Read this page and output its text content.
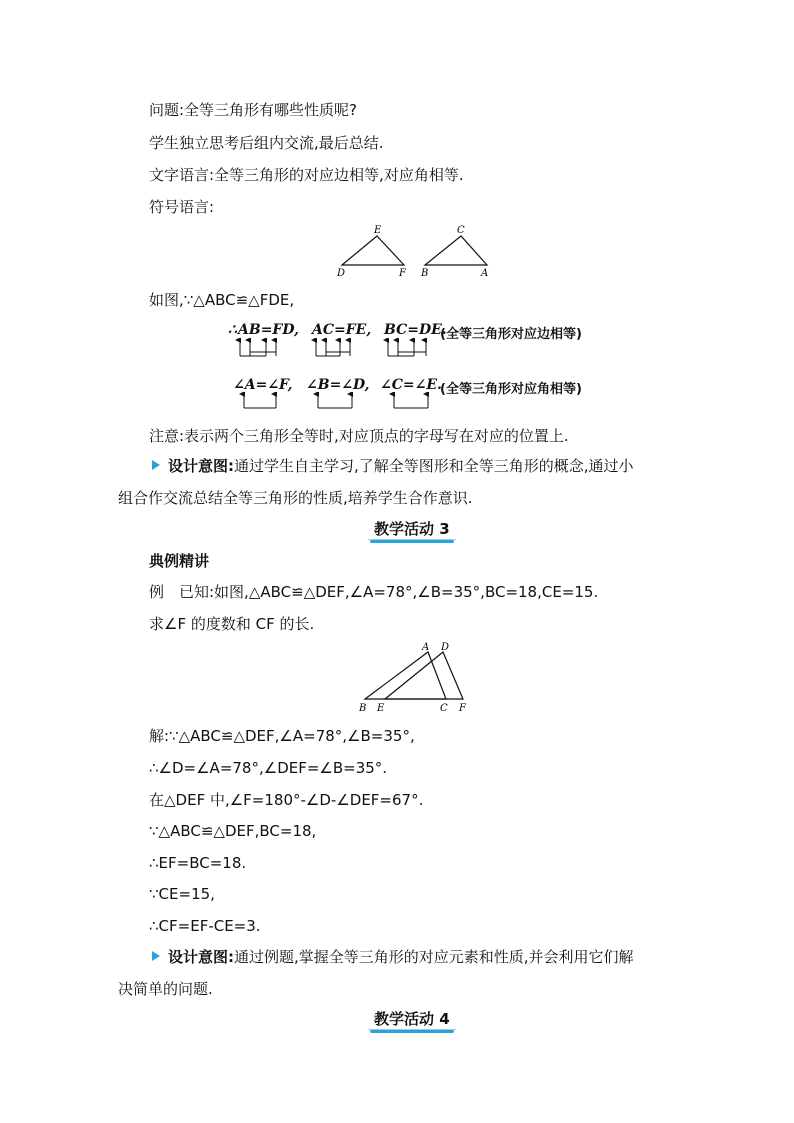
问题:全等三角形有哪些性质呢?
学生独立思考后组内交流,最后总结.
文字语言:全等三角形的对应边相等,对应角相等.
符号语言:
E
D	F
C
B	A
如图,∵△ABC≌△FDE,
∴ AB=FD, AC=FE, BC=DE.
(全等三角形对应边相等)
∠A=∠F, ∠B=∠D, ∠C=∠E.
(全等三角形对应角相等)
注意:表示两个三角形全等时,对应顶点的字母写在对应的位置上.
设计意图:通过学生自主学习,了解全等图形和全等三角形的概念,通过小
组合作交流总结全等三角形的性质,培养学生合作意识.
教学活动 3
典例精讲
例　已知:如图,△ABC≌△DEF,∠A=78°,∠B=35°,BC=18,CE=15.
求∠F 的度数和 CF 的长.
A D
B E	C F
解:∵△ABC≌△DEF,∠A=78°,∠B=35°,
∴∠D=∠A=78°,∠DEF=∠B=35°.
在△DEF 中,∠F=180°-∠D-∠DEF=67°.
∵△ABC≌△DEF,BC=18,
∴EF=BC=18.
∵CE=15,
∴CF=EF-CE=3.
设计意图:通过例题,掌握全等三角形的对应元素和性质,并会利用它们解
决简单的问题.
教学活动 4
